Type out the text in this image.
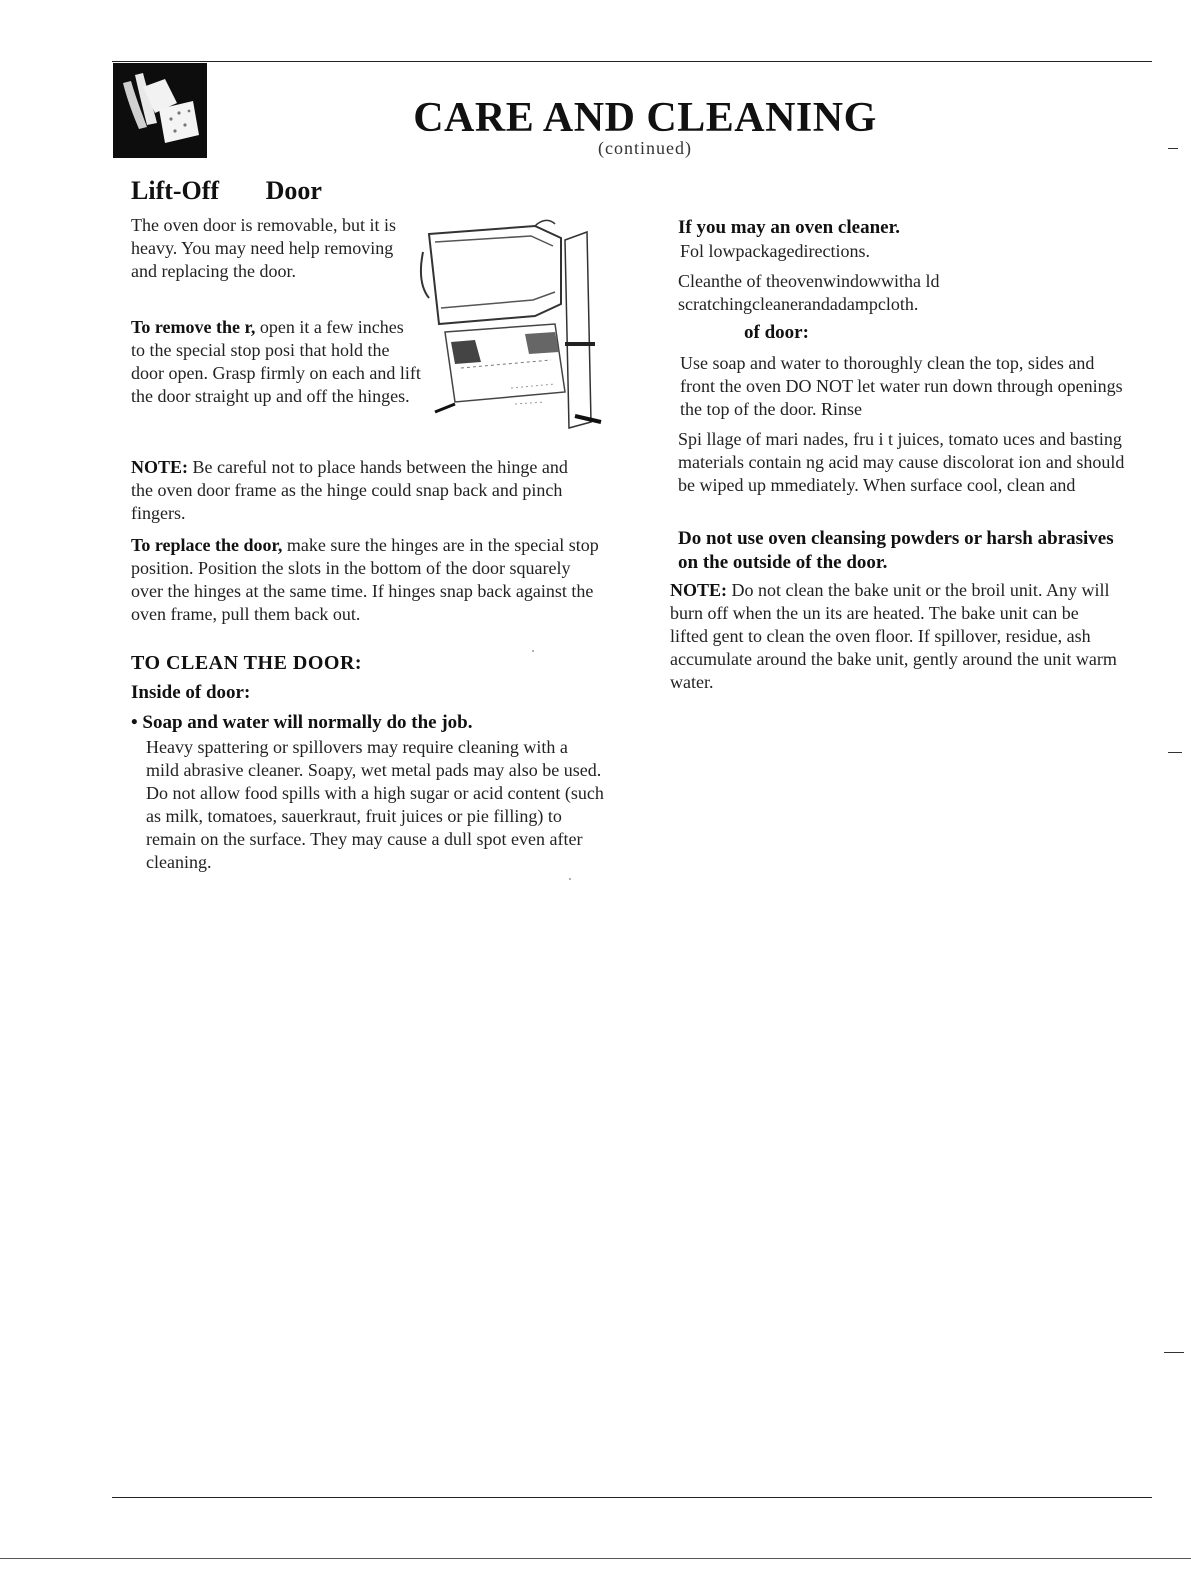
CARE AND CLEANING
(continued)
Lift-Off Door

The oven door is removable, but it is heavy. You may need help removing and replacing the door.

To remove the r, open it a few inches to the special stop posi that hold the door open. Grasp firmly on each and lift the door straight up and off the hinges.

NOTE: Be careful not to place hands between the hinge and the oven door frame as the hinge could snap back and pinch fingers.

To replace the door, make sure the hinges are in the special stop position. Position the slots in the bottom of the door squarely over the hinges at the same time. If hinges snap back against the oven frame, pull them back out.

TO CLEAN THE DOOR:
Inside of door:
• Soap and water will normally do the job.

Heavy spattering or spillovers may require cleaning with a mild abrasive cleaner. Soapy, wet metal pads may also be used. Do not allow food spills with a high sugar or acid content (such as milk, tomatoes, sauerkraut, fruit juices or pie filling) to remain on the surface. They may cause a dull spot even after cleaning.

If you may an oven cleaner.

Fol lowpackagedirections.

Cleanthe of theovenwindowwitha ld scratchingcleanerandadampcloth.

of door:

Use soap and water to thoroughly clean the top, sides and front the oven DO NOT let water run down through openings the top of the door. Rinse

Spi llage of mari nades, fru i t juices, tomato uces and basting materials contain ng acid may cause discolorat ion and should be wiped up mmediately. When surface cool, clean and

Do not use oven cleansing powders or harsh abrasives on the outside of the door.

NOTE: Do not clean the bake unit or the broil unit. Any will burn off when the un its are heated. The bake unit can be lifted gent to clean the oven floor. If spillover, residue, ash accumulate around the bake unit, gently around the unit warm water.
